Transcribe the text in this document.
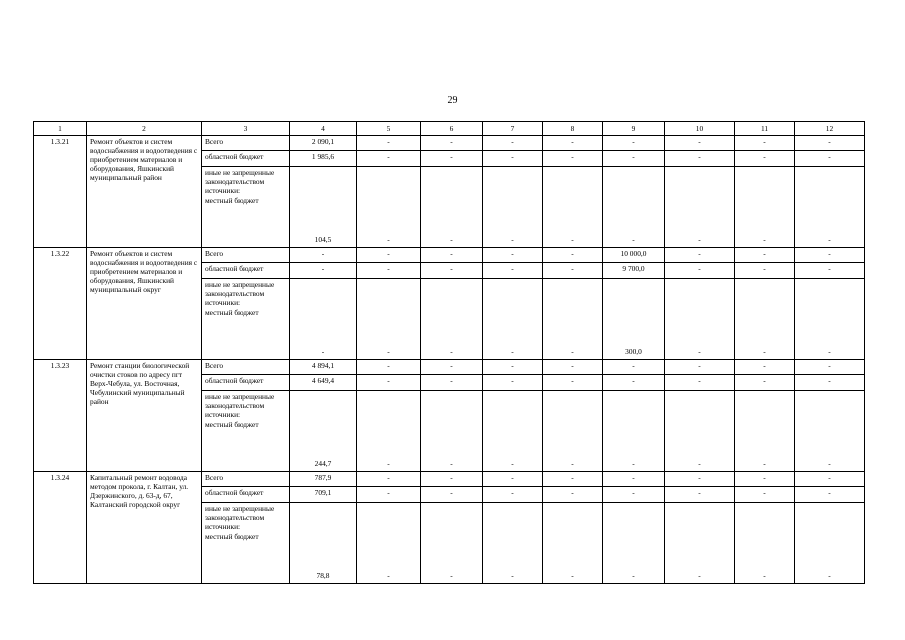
29
1	2	3	4	5	6	7	8	9	10	11	12
1.3.21	Ремонт объектов и систем водоснабжения и водоотведения с приобретением материалов и оборудования, Яшкинский муниципальный район	Всего	2 090,1	-	-	-	-	-	-	-	-

		областной бюджет	1 985,6	-	-	-	-	-	-	-	-

		иные не запрещенные законодательством источники:
местный бюджет	104,5	-	-	-	-	-	-	-	-
1.3.22	Ремонт объектов и систем водоснабжения и водоотведения с приобретением материалов и оборудования, Яшкинский муниципальный округ	Всего	-	-	-	-	-	10 000,0	-	-	-

		областной бюджет	-	-	-	-	-	9 700,0	-	-	-

		иные не запрещенные законодательством источники:
местный бюджет	-	-	-	-	-	300,0	-	-	-
1.3.23	Ремонт станции биологической очистки стоков по адресу пгт Верх-Чебула, ул. Восточная, Чебулинский муниципальный район	Всего	4 894,1	-	-	-	-	-	-	-	-

		областной бюджет	4 649,4	-	-	-	-	-	-	-	-

		иные не запрещенные законодательством источники:
местный бюджет	244,7	-	-	-	-	-	-	-	-
1.3.24	Капитальный ремонт водовода методом прокола, г. Калтан, ул. Дзержинского, д. 63-д, 67, Калтанский городской округ	Всего	787,9	-	-	-	-	-	-	-	-

		областной бюджет	709,1	-	-	-	-	-	-	-	-

		иные не запрещенные законодательством источники:
местный бюджет	78,8	-	-	-	-	-	-	-	-
